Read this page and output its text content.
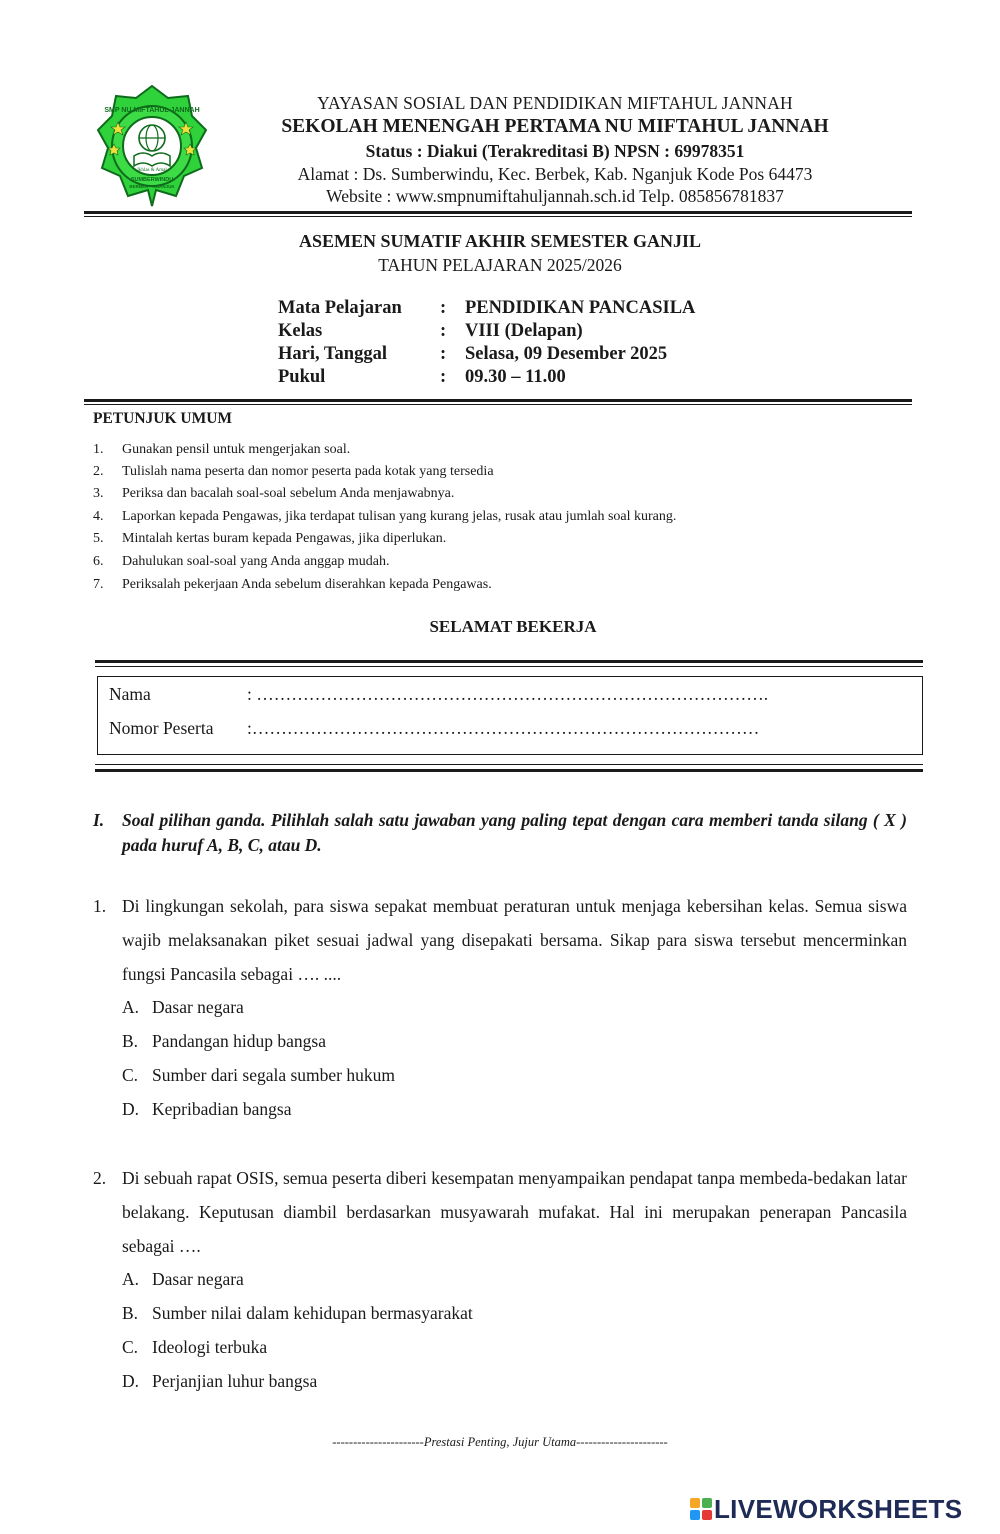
SMP NU MIFTAHUL JANNAH
Ikhlas & Amal
SUMBERWINDU
BERBEK - NGANJUK
YAYASAN SOSIAL DAN PENDIDIKAN MIFTAHUL JANNAH
SEKOLAH MENENGAH PERTAMA NU MIFTAHUL JANNAH
Status : Diakui (Terakreditasi B) NPSN : 69978351
Alamat : Ds. Sumberwindu, Kec. Berbek, Kab. Nganjuk Kode Pos 64473
Website : www.smpnumiftahuljannah.sch.id Telp. 085856781837
ASEMEN SUMATIF AKHIR SEMESTER GANJIL
TAHUN PELAJARAN 2025/2026
Mata Pelajaran : PENDIDIKAN PANCASILA
Kelas	: VIII (Delapan)
Hari, Tanggal	: Selasa, 09 Desember 2025
Pukul	: 09.30 – 11.00
PETUNJUK UMUM
1. Gunakan pensil untuk mengerjakan soal.
2. Tulislah nama peserta dan nomor peserta pada kotak yang tersedia
3. Periksa dan bacalah soal-soal sebelum Anda menjawabnya.
4. Laporkan kepada Pengawas, jika terdapat tulisan yang kurang jelas, rusak atau jumlah soal kurang.
5. Mintalah kertas buram kepada Pengawas, jika diperlukan.
6. Dahulukan soal-soal yang Anda anggap mudah.
7. Periksalah pekerjaan Anda sebelum diserahkan kepada Pengawas.
SELAMAT BEKERJA
Nama	: …………………………………………………………………………….
Nomor Peserta :……………………………………………………………………………
I. Soal pilihan ganda. Pilihlah salah satu jawaban yang paling tepat dengan cara memberi tanda silang ( X ) pada huruf A, B, C, atau D.
1. Di lingkungan sekolah, para siswa sepakat membuat peraturan untuk menjaga kebersihan kelas. Semua siswa wajib melaksanakan piket sesuai jadwal yang disepakati bersama. Sikap para siswa tersebut mencerminkan fungsi Pancasila sebagai …. ....
A. Dasar negara
B. Pandangan hidup bangsa
C. Sumber dari segala sumber hukum
D. Kepribadian bangsa
2. Di sebuah rapat OSIS, semua peserta diberi kesempatan menyampaikan pendapat tanpa membeda-bedakan latar belakang. Keputusan diambil berdasarkan musyawarah mufakat. Hal ini merupakan penerapan Pancasila sebagai ….
A. Dasar negara
B. Sumber nilai dalam kehidupan bermasyarakat
C. Ideologi terbuka
D. Perjanjian luhur bangsa
----------------------Prestasi Penting, Jujur Utama----------------------
LIVEWORKSHEETS
